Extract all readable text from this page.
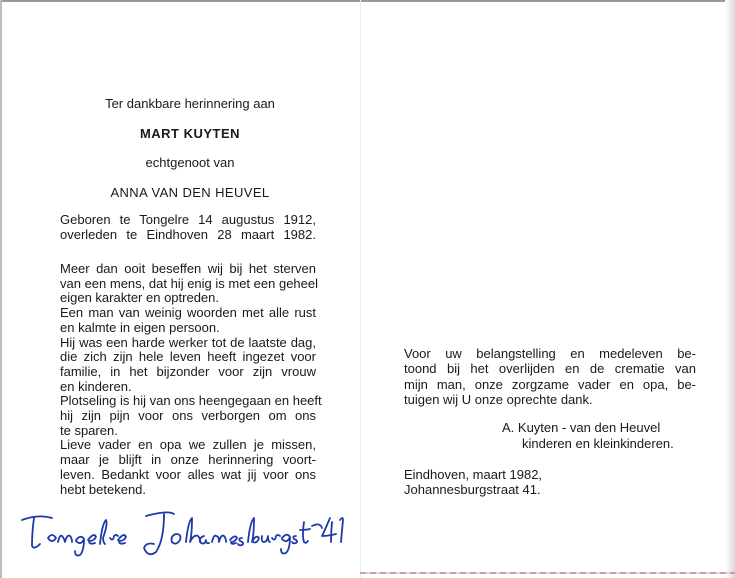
Ter dankbare herinnering aan

MART KUYTEN

echtgenoot van

ANNA VAN DEN HEUVEL

Geboren te Tongelre 14 augustus 1912,
overleden te Eindhoven 28 maart 1982.
Meer dan ooit beseffen wij bij het sterven
van een mens, dat hij enig is met een geheel
eigen karakter en optreden.
Een man van weinig woorden met alle rust
en kalmte in eigen persoon.
Hij was een harde werker tot de laatste dag,
die zich zijn hele leven heeft ingezet voor
familie, in het bijzonder voor zijn vrouw
en kinderen.
Plotseling is hij van ons heengegaan en heeft
hij zijn pijn voor ons verborgen om ons
te sparen.
Lieve vader en opa we zullen je missen,
maar je blijft in onze herinnering voort-
leven. Bedankt voor alles wat jij voor ons
hebt betekend.
Voor uw belangstelling en medeleven be-
toond bij het overlijden en de crematie van
mijn man, onze zorgzame vader en opa, be-
tuigen wij U onze oprechte dank.

A. Kuyten - van den Heuvel

kinderen en kleinkinderen.

Eindhoven, maart 1982,

Johannesburgstraat 41.
